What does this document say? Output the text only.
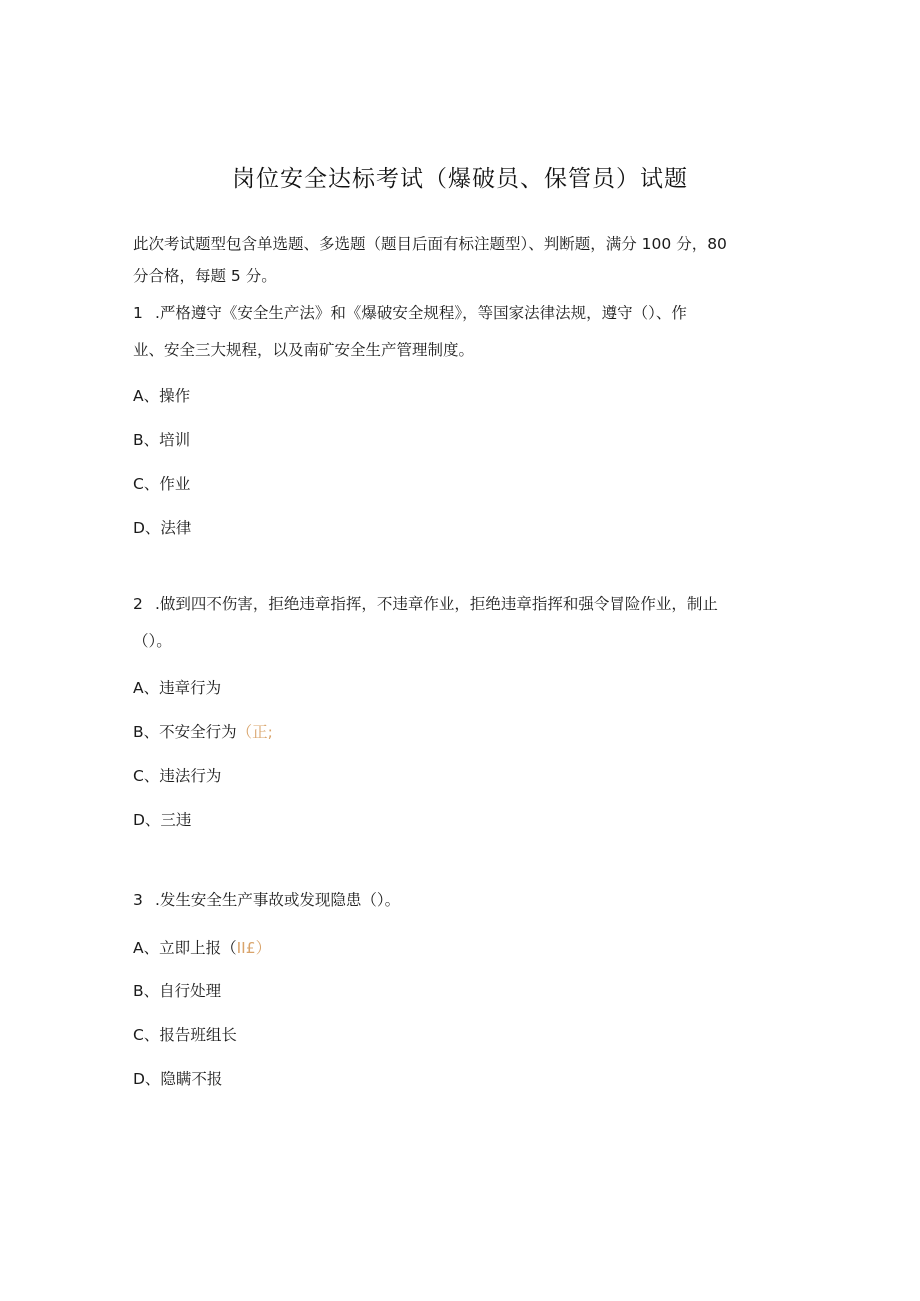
岗位安全达标考试（爆破员、保管员）试题
此次考试题型包含单选题、多选题（题目后面有标注题型）、判断题，满分 100 分，80
分合格，每题 5 分。
1 .严格遵守《安全生产法》和《爆破安全规程》，等国家法律法规，遵守（）、作
业、安全三大规程，以及南矿安全生产管理制度。
A、操作
B、培训
C、作业
D、法律
2 .做到四不伤害，拒绝违章指挥，不违章作业，拒绝违章指挥和强令冒险作业，制止
（）。
A、违章行为
B、不安全行为（正;
C、违法行为
D、三违
3 .发生安全生产事故或发现隐患（）。
A、立即上报（II£）
B、自行处理
C、报告班组长
D、隐瞒不报
